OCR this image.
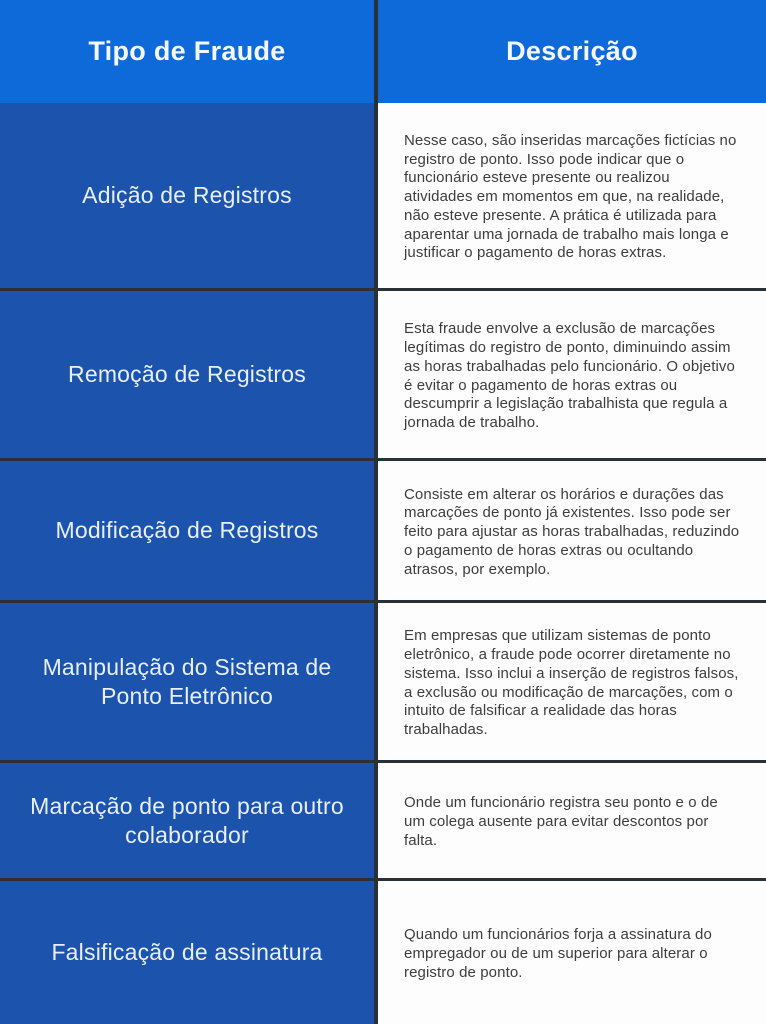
Tipo de Fraude	Descrição
Adição de Registros
Nesse caso, são inseridas marcações fictícias no registro de ponto. Isso pode indicar que o funcionário esteve presente ou realizou atividades em momentos em que, na realidade, não esteve presente. A prática é utilizada para aparentar uma jornada de trabalho mais longa e justificar o pagamento de horas extras.
Remoção de Registros
Esta fraude envolve a exclusão de marcações legítimas do registro de ponto, diminuindo assim as horas trabalhadas pelo funcionário. O objetivo é evitar o pagamento de horas extras ou descumprir a legislação trabalhista que regula a jornada de trabalho.
Modificação de Registros
Consiste em alterar os horários e durações das marcações de ponto já existentes. Isso pode ser feito para ajustar as horas trabalhadas, reduzindo o pagamento de horas extras ou ocultando atrasos, por exemplo.
Manipulação do Sistema de Ponto Eletrônico
Em empresas que utilizam sistemas de ponto eletrônico, a fraude pode ocorrer diretamente no sistema. Isso inclui a inserção de registros falsos, a exclusão ou modificação de marcações, com o intuito de falsificar a realidade das horas trabalhadas.
Marcação de ponto para outro colaborador
Onde um funcionário registra seu ponto e o de um colega ausente para evitar descontos por falta.
Falsificação de assinatura
Quando um funcionários forja a assinatura do empregador ou de um superior para alterar o registro de ponto.
